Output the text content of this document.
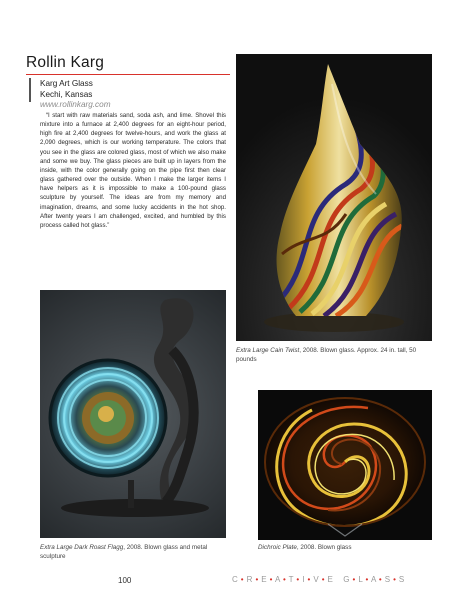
Rollin Karg
Karg Art Glass
Kechi, Kansas
www.rollinkarg.com
“I start with raw materials sand, soda ash, and lime. Shovel this mixture into a furnace at 2,400 degrees for an eight-hour period, high fire at 2,400 degrees for twelve-hours, and work the glass at 2,090 degrees, which is our working temperature. The colors that you see in the glass are colored glass, most of which we also make and some we buy. The glass pieces are built up in layers from the inside, with the color generally going on the pipe first then clear glass gathered over the outside. When I make the larger items I have helpers as it is impossible to make a 100-pound glass sculpture by yourself. The ideas are from my memory and imagination, dreams, and some lucky accidents in the hot shop. After twenty years I am challenged, excited, and humbled by this process called hot glass.”
Extra Large Cain Twist, 2008. Blown glass. Approx. 24 in. tall, 50 pounds
Extra Large Dark Roast Flagg, 2008. Blown glass and metal sculpture
Dichroic Plate, 2008. Blown glass
100	C • R • E • A • T • I • V • E G • L • A • S • S
